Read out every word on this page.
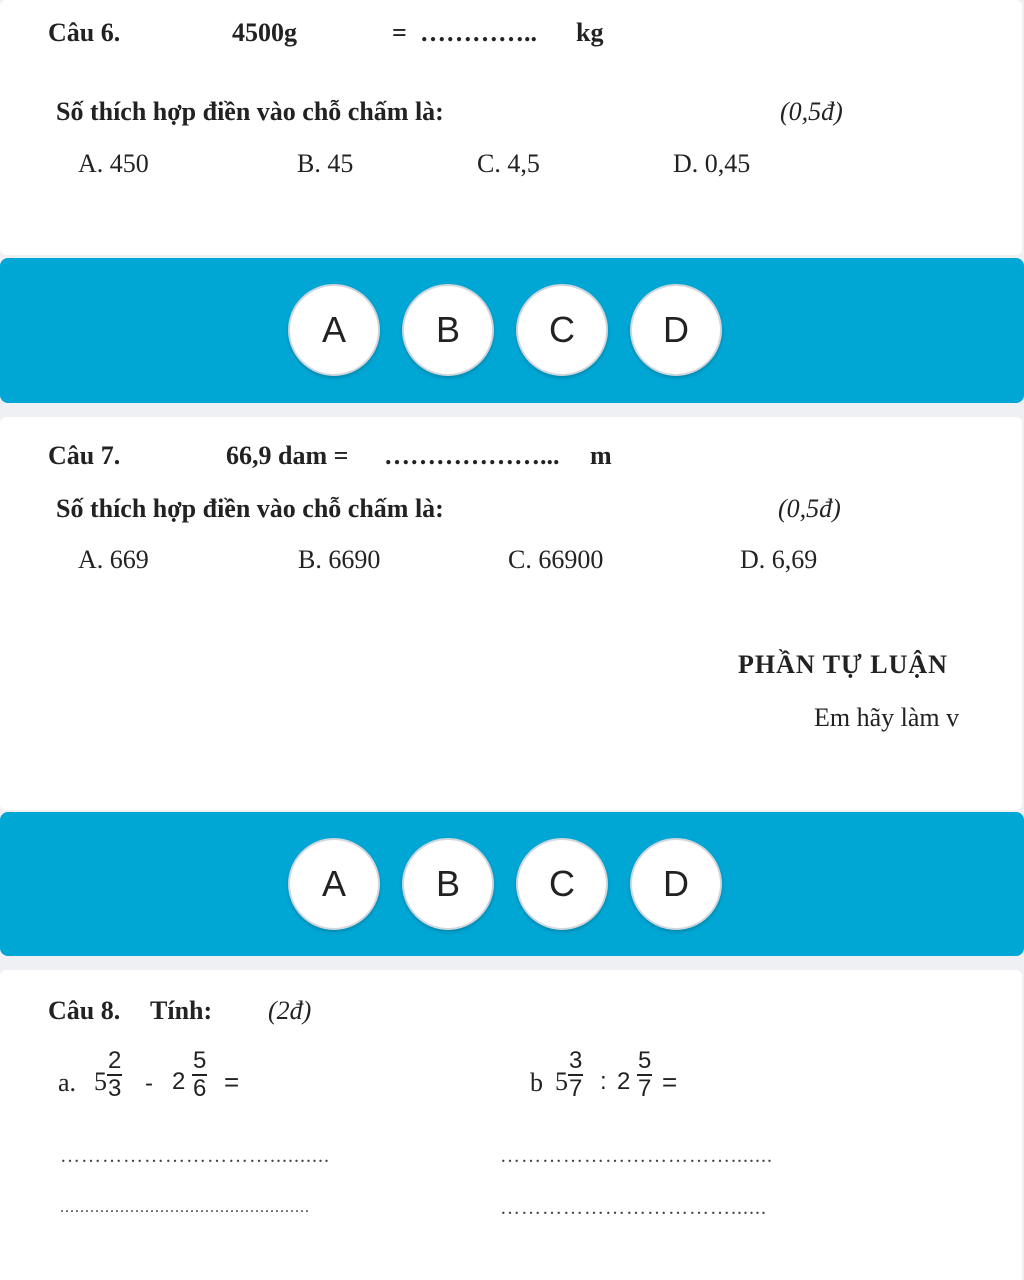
Câu 6.	4500g	= ………….. kg
Số thích hợp điền vào chỗ chấm là:	(0,5đ)
A. 450	B. 45	C. 4,5	D. 0,45
A	B	C	D
Câu 7.	66,9 dam = ………………... m
Số thích hợp điền vào chỗ chấm là:	(0,5đ)
A. 669	B. 6690	C. 66900	D. 6,69
PHẦN TỰ LUẬN
Em hãy làm v
A	B	C	D
Câu 8. Tính: (2đ)
a. $5 \frac{2}{3} - 2 \frac{5}{6}$ =	b $5 \frac{3}{7}$ : $2 \frac{5}{7}$ =
…………………………..........	…………………………….......
..................................................	……………………………......
